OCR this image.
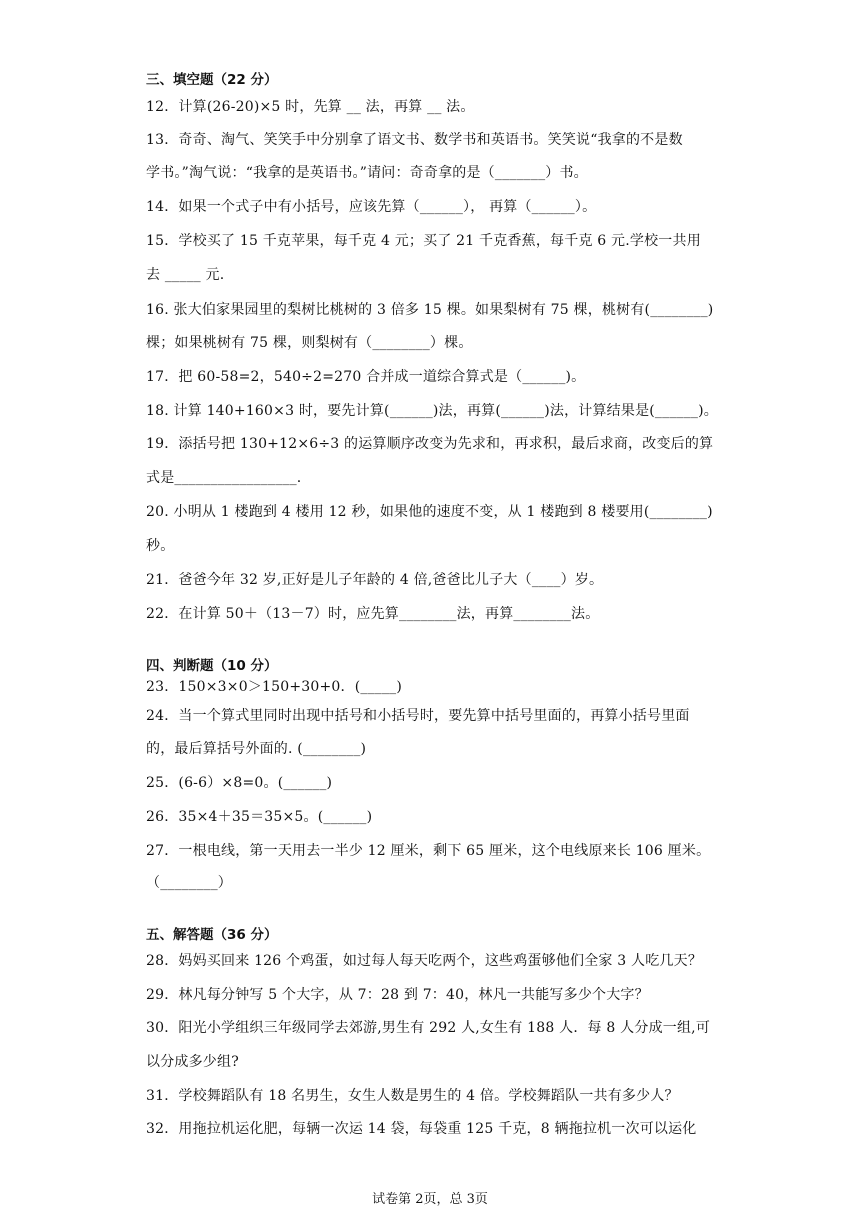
三、填空题（22 分）
12．计算(26-20)×5 时，先算 __ 法，再算 __ 法。
13．奇奇、淘气、笑笑手中分别拿了语文书、数学书和英语书。笑笑说“我拿的不是数
学书。”淘气说：“我拿的是英语书。”请问：奇奇拿的是（_______）书。
14．如果一个式子中有小括号，应该先算（______）， 再算（______）。
15．学校买了 15 千克苹果，每千克 4 元；买了 21 千克香蕉，每千克 6 元.学校一共用
去 _____ 元.
16. 张大伯家果园里的梨树比桃树的 3 倍多 15 棵。如果梨树有 75 棵，桃树有(________)
棵；如果桃树有 75 棵，则梨树有（________）棵。
17．把 60-58=2，540÷2=270 合并成一道综合算式是（______)。
18. 计算 140+160×3 时，要先计算(______)法，再算(______)法，计算结果是(______)。
19．添括号把 130+12×6÷3 的运算顺序改变为先求和，再求积，最后求商，改变后的算
式是_________________.
20. 小明从 1 楼跑到 4 楼用 12 秒，如果他的速度不变，从 1 楼跑到 8 楼要用(________)
秒。
21．爸爸今年 32 岁,正好是儿子年龄的 4 倍,爸爸比儿子大（____）岁。
22．在计算 50＋（13－7）时，应先算________法，再算________法。
四、判断题（10 分）
23．150×3×0＞150+30+0．(_____)
24．当一个算式里同时出现中括号和小括号时，要先算中括号里面的，再算小括号里面
的，最后算括号外面的. (________)
25．(6-6）×8=0。(______)
26．35×4＋35＝35×5。(______)
27．一根电线，第一天用去一半少 12 厘米，剩下 65 厘米，这个电线原来长 106 厘米。
（________）
五、解答题（36 分）
28．妈妈买回来 126 个鸡蛋，如过每人每天吃两个，这些鸡蛋够他们全家 3 人吃几天？
29．林凡每分钟写 5 个大字，从 7：28 到 7：40，林凡一共能写多少个大字？
30．阳光小学组织三年级同学去郊游,男生有 292 人,女生有 188 人．每 8 人分成一组,可
以分成多少组?
31．学校舞蹈队有 18 名男生，女生人数是男生的 4 倍。学校舞蹈队一共有多少人？
32．用拖拉机运化肥，每辆一次运 14 袋，每袋重 125 千克，8 辆拖拉机一次可以运化
试卷第 2页，总 3页
